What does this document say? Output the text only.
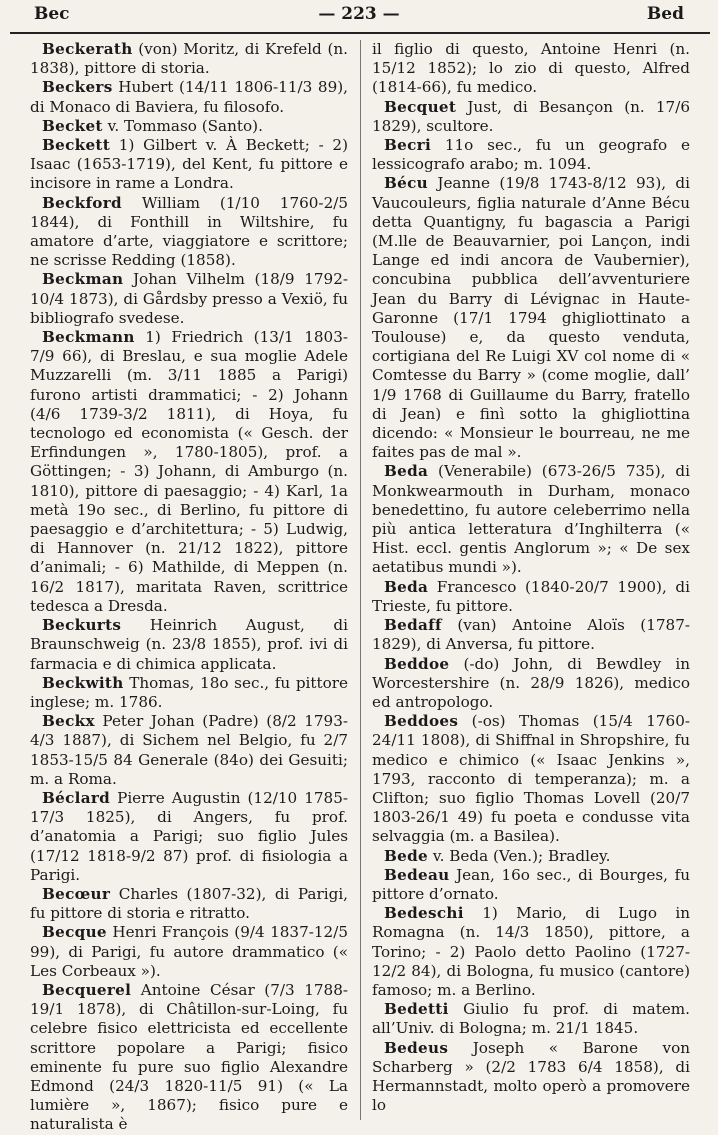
Bec	— 223 —	Bed

Beckerath (von) Moritz, di Krefeld (n. 1838), pittore di storia.

Beckers Hubert (14/11 1806-11/3 89), di Monaco di Baviera, fu filosofo.

Becket v. Tommaso (Santo).

Beckett 1) Gilbert v. À Beckett; - 2) Isaac (1653-1719), del Kent, fu pittore e incisore in rame a Londra.

Beckford William (1/10 1760-2/5 1844), di Fonthill in Wiltshire, fu amatore d’arte, viaggiatore e scrittore; ne scrisse Redding (1858).

Beckman Johan Vilhelm (18/9 1792-10/4 1873), di Gårdsby presso a Vexiö, fu bibliografo svedese.

Beckmann 1) Friedrich (13/1 1803-7/9 66), di Breslau, e sua moglie Adele Muzzarelli (m. 3/11 1885 a Parigi) furono artisti drammatici; - 2) Johann (4/6 1739-3/2 1811), di Hoya, fu tecnologo ed economista (« Gesch. der Erfindungen », 1780-1805), prof. a Göttingen; - 3) Johann, di Amburgo (n. 1810), pittore di paesaggio; - 4) Karl, 1a metà 19o sec., di Berlino, fu pittore di paesaggio e d’architettura; - 5) Ludwig, di Hannover (n. 21/12 1822), pittore d’animali; - 6) Mathilde, di Meppen (n. 16/2 1817), maritata Raven, scrittrice tedesca a Dresda.

Beckurts Heinrich August, di Braunschweig (n. 23/8 1855), prof. ivi di farmacia e di chimica applicata.

Beckwith Thomas, 18o sec., fu pittore inglese; m. 1786.

Beckx Peter Johan (Padre) (8/2 1793-4/3 1887), di Sichem nel Belgio, fu 2/7 1853-15/5 84 Generale (84o) dei Gesuiti; m. a Roma.

Béclard Pierre Augustin (12/10 1785-17/3 1825), di Angers, fu prof. d’anatomia a Parigi; suo figlio Jules (17/12 1818-9/2 87) prof. di fisiologia a Parigi.

Becœur Charles (1807-32), di Parigi, fu pittore di storia e ritratto.

Becque Henri François (9/4 1837-12/5 99), di Parigi, fu autore drammatico (« Les Corbeaux »).

Becquerel Antoine César (7/3 1788-19/1 1878), di Châtillon-sur-Loing, fu celebre fisico elettricista ed eccellente scrittore popolare a Parigi; fisico eminente fu pure suo figlio Alexandre Edmond (24/3 1820-11/5 91) (« La lumière », 1867); fisico pure e naturalista è

il figlio di questo, Antoine Henri (n. 15/12 1852); lo zio di questo, Alfred (1814-66), fu medico.

Becquet Just, di Besançon (n. 17/6 1829), scultore.

Becri 11o sec., fu un geografo e lessicografo arabo; m. 1094.

Bécu Jeanne (19/8 1743-8/12 93), di Vaucouleurs, figlia naturale d’Anne Bécu detta Quantigny, fu bagascia a Parigi (M.lle de Beauvarnier, poi Lançon, indi Lange ed indi ancora de Vaubernier), concubina pubblica dell’avventuriere Jean du Barry di Lévignac in Haute-Garonne (17/1 1794 ghigliottinato a Toulouse) e, da questo venduta, cortigiana del Re Luigi XV col nome di « Comtesse du Barry » (come moglie, dall’ 1/9 1768 di Guillaume du Barry, fratello di Jean) e finì sotto la ghigliottina dicendo: « Monsieur le bourreau, ne me faites pas de mal ».

Beda (Venerabile) (673-26/5 735), di Monkwearmouth in Durham, monaco benedettino, fu autore celeberrimo nella più antica letteratura d’Inghilterra (« Hist. eccl. gentis Anglorum »; « De sex aetatibus mundi »).

Beda Francesco (1840-20/7 1900), di Trieste, fu pittore.

Bedaff (van) Antoine Aloïs (1787-1829), di Anversa, fu pittore.

Beddoe (-do) John, di Bewdley in Worcestershire (n. 28/9 1826), medico ed antropologo.

Beddoes (-os) Thomas (15/4 1760-24/11 1808), di Shiffnal in Shropshire, fu medico e chimico (« Isaac Jenkins », 1793, racconto di temperanza); m. a Clifton; suo figlio Thomas Lovell (20/7 1803-26/1 49) fu poeta e condusse vita selvaggia (m. a Basilea).

Bede v. Beda (Ven.); Bradley.

Bedeau Jean, 16o sec., di Bourges, fu pittore d’ornato.

Bedeschi 1) Mario, di Lugo in Romagna (n. 14/3 1850), pittore, a Torino; - 2) Paolo detto Paolino (1727-12/2 84), di Bologna, fu musico (cantore) famoso; m. a Berlino.

Bedetti Giulio fu prof. di matem. all’Univ. di Bologna; m. 21/1 1845.

Bedeus Joseph « Barone von Scharberg » (2/2 1783 6/4 1858), di Hermannstadt, molto operò a promovere lo
